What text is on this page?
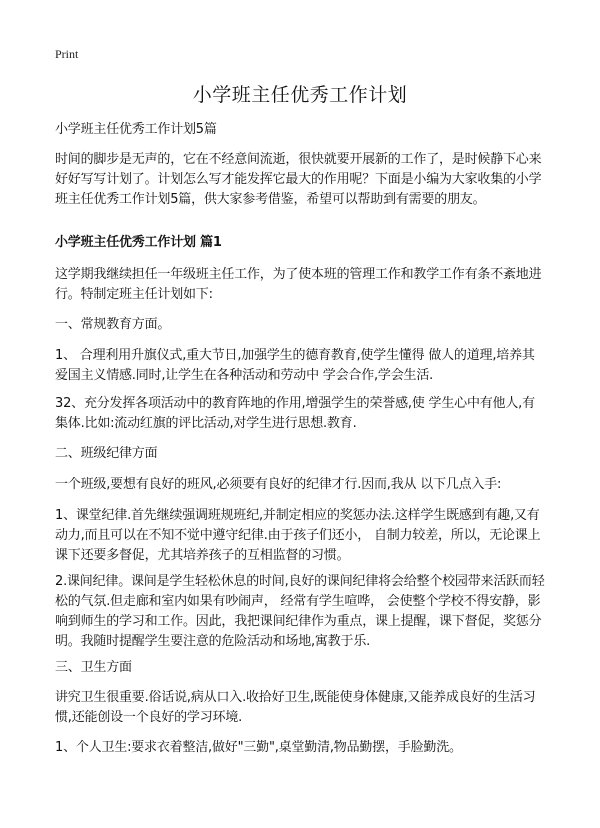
Print
小学班主任优秀工作计划

小学班主任优秀工作计划5篇

时间的脚步是无声的，它在不经意间流逝，很快就要开展新的工作了，是时候静下心来好好写写计划了。计划怎么写才能发挥它最大的作用呢？下面是小编为大家收集的小学班主任优秀工作计划5篇，供大家参考借鉴，希望可以帮助到有需要的朋友。

小学班主任优秀工作计划 篇1

这学期我继续担任一年级班主任工作，为了使本班的管理工作和教学工作有条不紊地进行。特制定班主任计划如下:

一、常规教育方面。

1、 合理利用升旗仪式,重大节日,加强学生的德育教育,使学生懂得 做人的道理,培养其爱国主义情感.同时,让学生在各种活动和劳动中 学会合作,学会生活.

32、充分发挥各项活动中的教育阵地的作用,增强学生的荣誉感,使 学生心中有他人,有集体.比如:流动红旗的评比活动,对学生进行思想.教育.

二、班级纪律方面

一个班级,要想有良好的班风,必须要有良好的纪律才行.因而,我从 以下几点入手:

1、课堂纪律.首先继续强调班规班纪,并制定相应的奖惩办法.这样学生既感到有趣,又有动力,而且可以在不知不觉中遵守纪律.由于孩子们还小， 自制力较差，所以，无论课上课下还要多督促，尤其培养孩子的互相监督的习惯。

2.课间纪律。课间是学生轻松休息的时间,良好的课间纪律将会给整个校园带来活跃而轻松的气氛.但走廊和室内如果有吵闹声， 经常有学生喧哗， 会使整个学校不得安静，影响到师生的学习和工作。因此，我把课间纪律作为重点，课上提醒，课下督促，奖惩分明。我随时提醒学生要注意的危险活动和场地,寓教于乐.

三、卫生方面

讲究卫生很重要.俗话说,病从口入.收拾好卫生,既能使身体健康,又能养成良好的生活习惯,还能创设一个良好的学习环境.

1、个人卫生:要求衣着整洁,做好"三勤",桌堂勤清,物品勤摆，手脸勤洗。
